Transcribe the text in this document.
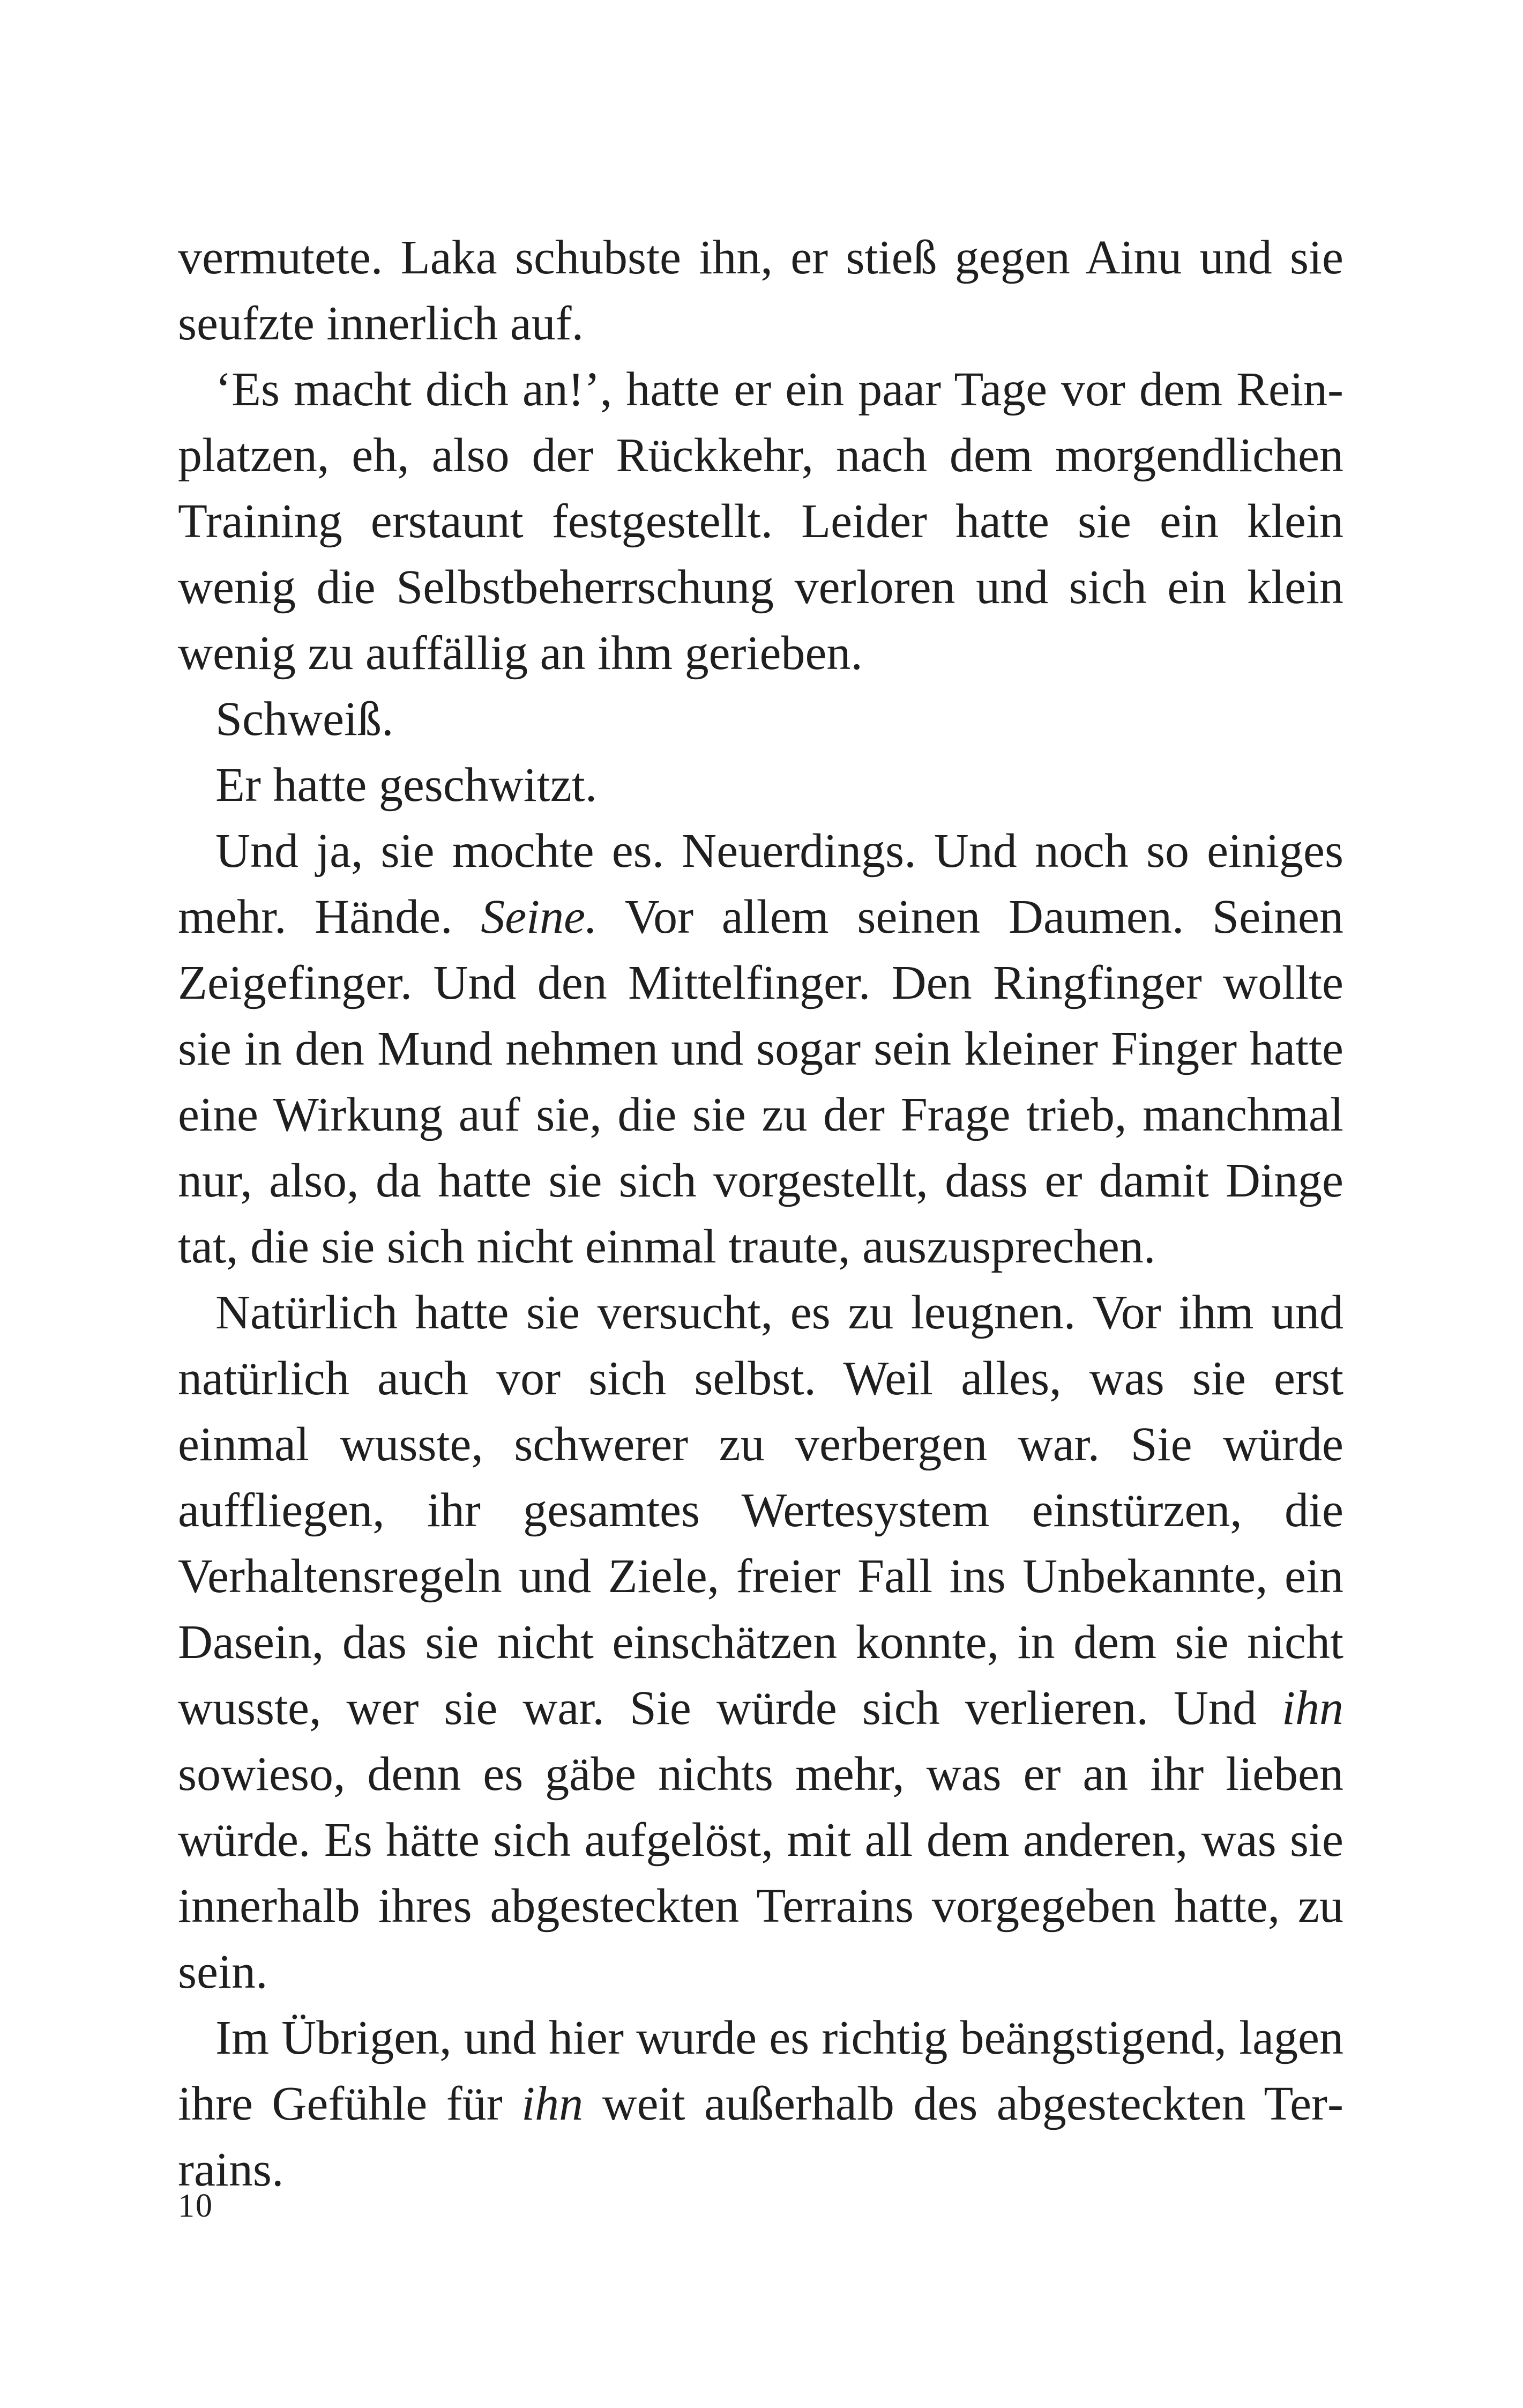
vermutete. Laka schubste ihn, er stieß gegen Ainu und sie seufzte innerlich auf.

‘Es macht dich an!’, hatte er ein paar Tage vor dem Reinplatzen, eh, also der Rückkehr, nach dem morgendlichen Training erstaunt festgestellt. Leider hatte sie ein klein wenig die Selbstbeherrschung verloren und sich ein klein wenig zu auffällig an ihm gerieben.

Schweiß.

Er hatte geschwitzt.

Und ja, sie mochte es. Neuerdings. Und noch so einiges mehr. Hände. Seine. Vor allem seinen Daumen. Seinen Zeigefinger. Und den Mittelfinger. Den Ringfinger wollte sie in den Mund nehmen und sogar sein kleiner Finger hatte eine Wirkung auf sie, die sie zu der Frage trieb, manchmal nur, also, da hatte sie sich vorgestellt, dass er damit Dinge tat, die sie sich nicht einmal traute, auszusprechen.

Natürlich hatte sie versucht, es zu leugnen. Vor ihm und natürlich auch vor sich selbst. Weil alles, was sie erst einmal wusste, schwerer zu verbergen war. Sie würde auffliegen, ihr gesamtes Wertesystem einstürzen, die Verhaltensregeln und Ziele, freier Fall ins Unbekannte, ein Dasein, das sie nicht einschätzen konnte, in dem sie nicht wusste, wer sie war. Sie würde sich verlieren. Und ihn sowieso, denn es gäbe nichts mehr, was er an ihr lieben würde. Es hätte sich aufgelöst, mit all dem anderen, was sie innerhalb ihres abgesteckten Terrains vorgegeben hatte, zu sein.

Im Übrigen, und hier wurde es richtig beängstigend, lagen ihre Gefühle für ihn weit außerhalb des abgesteckten Terrains.

10
